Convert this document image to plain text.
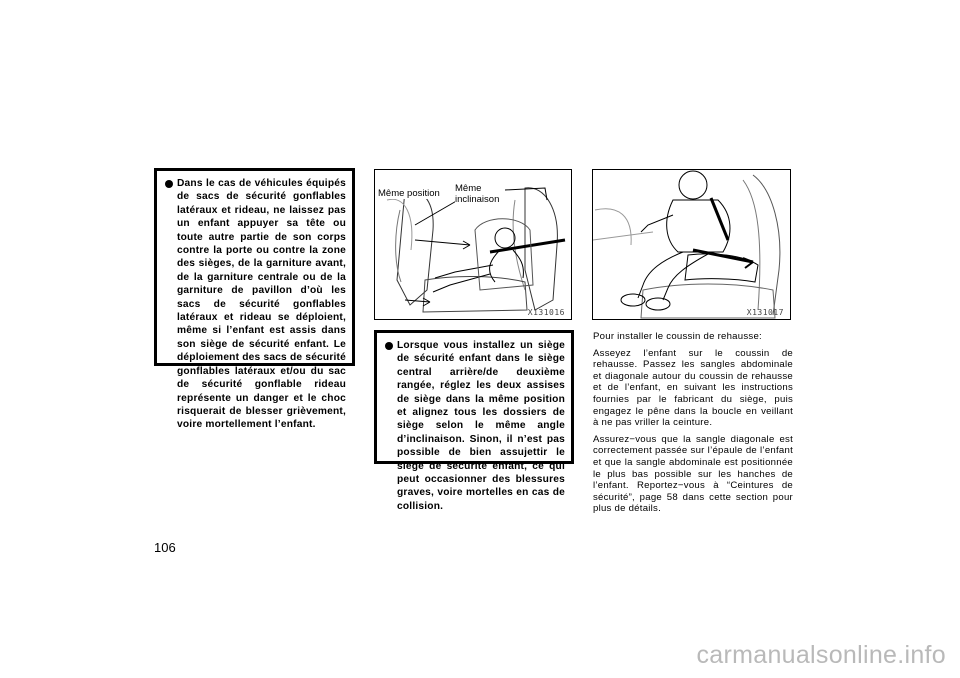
Dans le cas de véhicules équipés de sacs de sécurité gonflables latéraux et rideau, ne laissez pas un enfant appuyer sa tête ou toute autre partie de son corps contre la porte ou contre la zone des sièges, de la garniture avant, de la garniture centrale ou de la garniture de pavillon d’où les sacs de sécurité gonflables latéraux et rideau se déploient, même si l’enfant est assis dans son siège de sécurité enfant. Le déploiement des sacs de sécurité gonflables latéraux et/ou du sac de sécurité gonflable rideau représente un danger et le choc risquerait de blesser grièvement, voire mortellement l’enfant.

Même position Même
inclinaison
X131016

Lorsque vous installez un siège de sécurité enfant dans le siège central arrière/de deuxième rangée, réglez les deux assises de siège dans la même position et alignez tous les dossiers de siège selon le même angle d’inclinaison. Sinon, il n’est pas possible de bien assujettir le siège de sécurité enfant, ce qui peut occasionner des blessures graves, voire mortelles en cas de collision.

X131017

Pour installer le coussin de rehausse:

Asseyez l’enfant sur le coussin de rehausse. Passez les sangles abdominale et diagonale autour du coussin de rehausse et de l’enfant, en suivant les instructions fournies par le fabricant du siège, puis engagez le pêne dans la boucle en veillant à ne pas vriller la ceinture.

Assurez−vous que la sangle diagonale est correctement passée sur l’épaule de l’enfant et que la sangle abdominale est positionnée le plus bas possible sur les hanches de l’enfant. Reportez−vous à “Ceintures de sécurité”, page 58 dans cette section pour plus de détails.

106
carmanualsonline.info
